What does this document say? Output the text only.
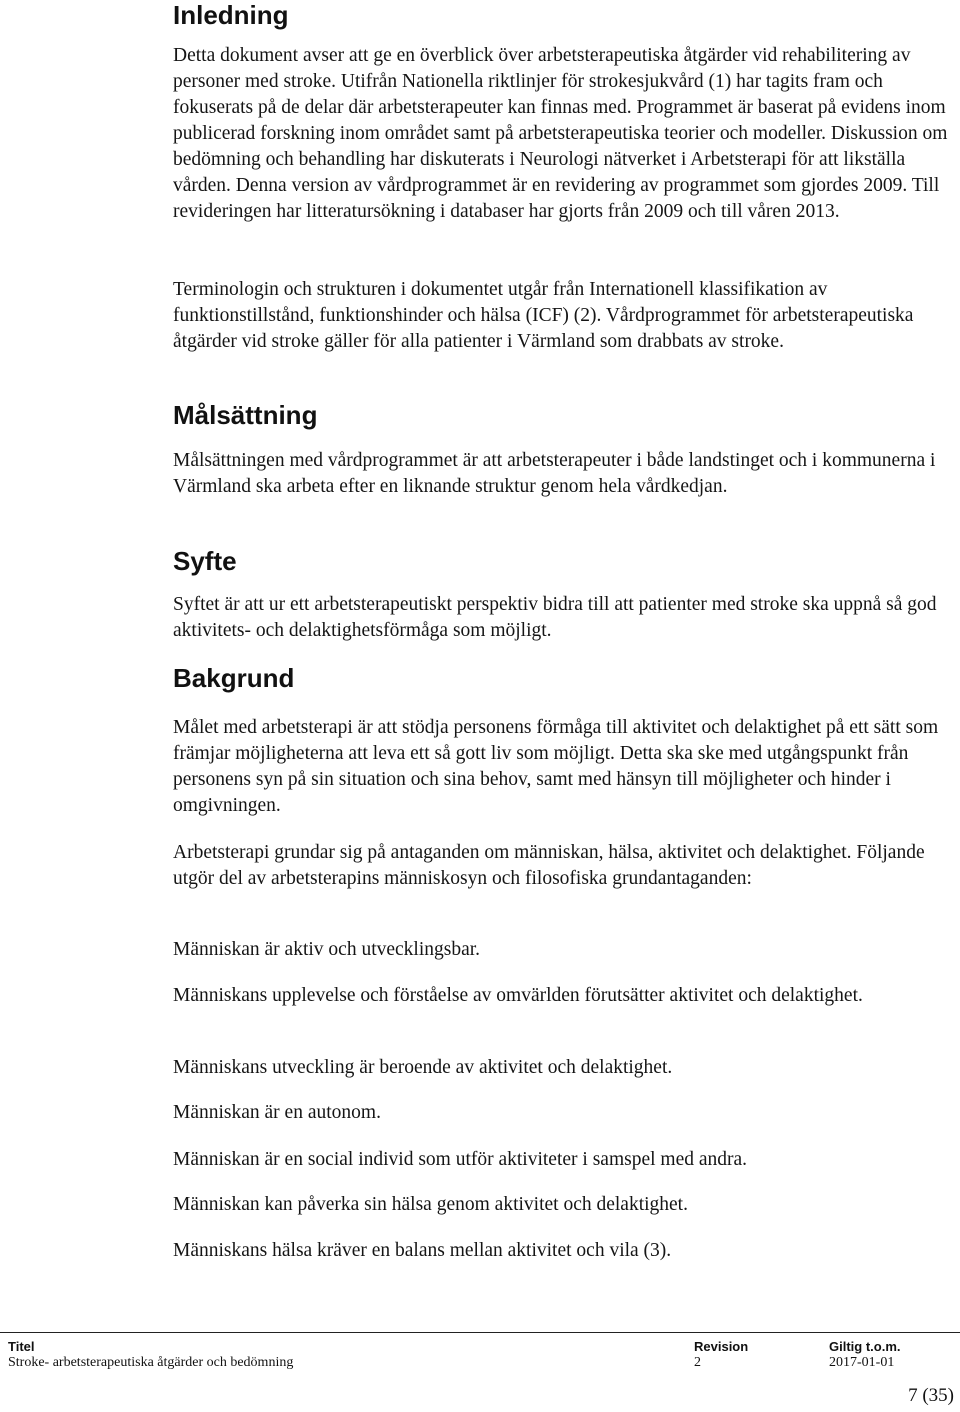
Inledning

Detta dokument avser att ge en överblick över arbetsterapeutiska åtgärder vid rehabilitering av personer med stroke. Utifrån Nationella riktlinjer för strokesjukvård (1) har tagits fram och fokuserats på de delar där arbetsterapeuter kan finnas med. Programmet är baserat på evidens inom publicerad forskning inom området samt på arbetsterapeutiska teorier och modeller. Diskussion om bedömning och behandling har diskuterats i Neurologi nätverket i Arbetsterapi för att likställa vården. Denna version av vårdprogrammet är en revidering av programmet som gjordes 2009. Till revideringen har litteratursökning i databaser har gjorts från 2009 och till våren 2013.

Terminologin och strukturen i dokumentet utgår från Internationell klassifikation av funktionstillstånd, funktionshinder och hälsa (ICF) (2). Vårdprogrammet för arbetsterapeutiska åtgärder vid stroke gäller för alla patienter i Värmland som drabbats av stroke.

Målsättning

Målsättningen med vårdprogrammet är att arbetsterapeuter i både landstinget och i kommunerna i Värmland ska arbeta efter en liknande struktur genom hela vårdkedjan.

Syfte

Syftet är att ur ett arbetsterapeutiskt perspektiv bidra till att patienter med stroke ska uppnå så god aktivitets- och delaktighetsförmåga som möjligt.

Bakgrund

Målet med arbetsterapi är att stödja personens förmåga till aktivitet och delaktighet på ett sätt som främjar möjligheterna att leva ett så gott liv som möjligt. Detta ska ske med utgångspunkt från personens syn på sin situation och sina behov, samt med hänsyn till möjligheter och hinder i omgivningen.

Arbetsterapi grundar sig på antaganden om människan, hälsa, aktivitet och delaktighet. Följande utgör del av arbetsterapins människosyn och filosofiska grundantaganden:

Människan är aktiv och utvecklingsbar.

Människans upplevelse och förståelse av omvärlden förutsätter aktivitet och delaktighet.

Människans utveckling är beroende av aktivitet och delaktighet.

Människan är en autonom.

Människan är en social individ som utför aktiviteter i samspel med andra.

Människan kan påverka sin hälsa genom aktivitet och delaktighet.

Människans hälsa kräver en balans mellan aktivitet och vila (3).

Titel
Stroke- arbetsterapeutiska åtgärder och bedömning
Revision
2
Giltig t.o.m.
2017-01-01
7 (35)
